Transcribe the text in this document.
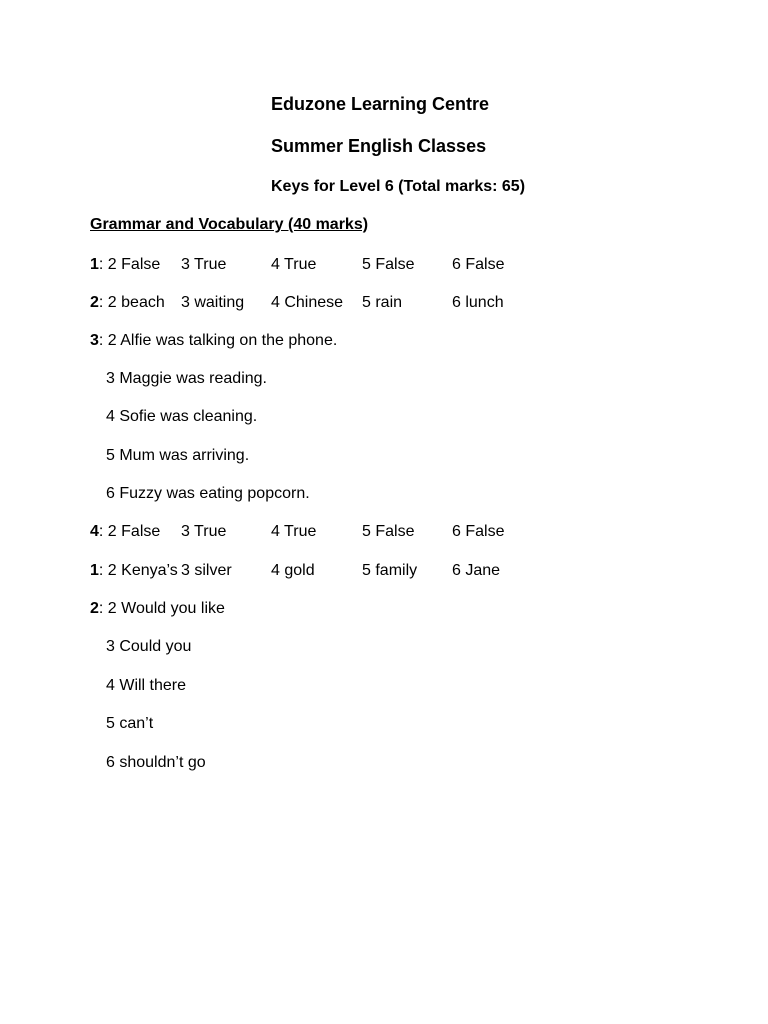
Eduzone Learning Centre
Summer English Classes
Keys for Level 6 (Total marks: 65)
Grammar and Vocabulary (40 marks)
1: 2 False 3 True	4 True	5 False 6 False
2: 2 beach 3 waiting 4 Chinese 5 rain	6 lunch
3: 2 Alfie was talking on the phone.
3 Maggie was reading.
4 Sofie was cleaning.
5 Mum was arriving.
6 Fuzzy was eating popcorn.
4: 2 False 3 True	4 True	5 False 6 False
1: 2 Kenya’s 3 silver 4 gold	5 family 6 Jane
2: 2 Would you like
3 Could you
4 Will there
5 can’t
6 shouldn’t go
